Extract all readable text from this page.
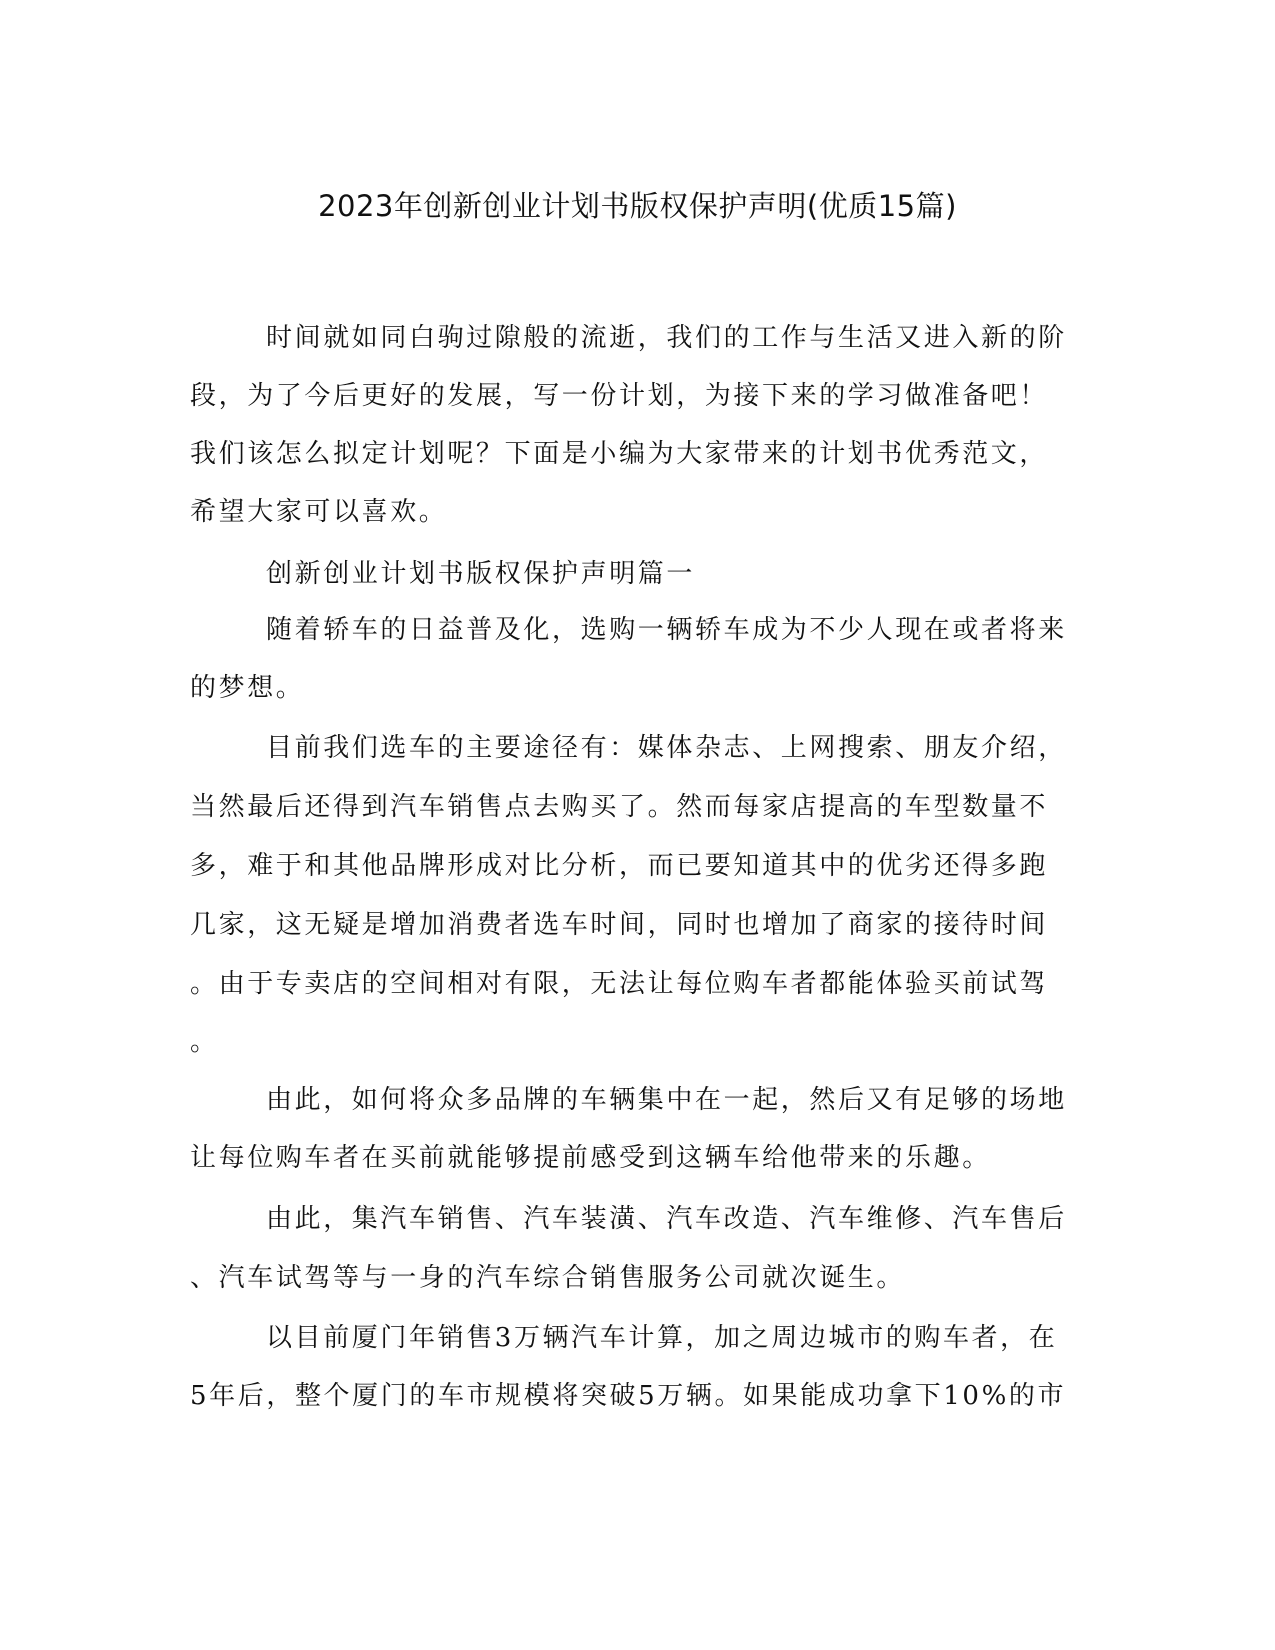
2023年创新创业计划书版权保护声明(优质15篇)
时间就如同白驹过隙般的流逝，我们的工作与生活又进入新的阶
段，为了今后更好的发展，写一份计划，为接下来的学习做准备吧！
我们该怎么拟定计划呢？下面是小编为大家带来的计划书优秀范文，
希望大家可以喜欢。
创新创业计划书版权保护声明篇一
随着轿车的日益普及化，选购一辆轿车成为不少人现在或者将来
的梦想。
目前我们选车的主要途径有：媒体杂志、上网搜索、朋友介绍，
当然最后还得到汽车销售点去购买了。然而每家店提高的车型数量不
多，难于和其他品牌形成对比分析，而已要知道其中的优劣还得多跑
几家，这无疑是增加消费者选车时间，同时也增加了商家的接待时间
。由于专卖店的空间相对有限，无法让每位购车者都能体验买前试驾
。
由此，如何将众多品牌的车辆集中在一起，然后又有足够的场地
让每位购车者在买前就能够提前感受到这辆车给他带来的乐趣。
由此，集汽车销售、汽车装潢、汽车改造、汽车维修、汽车售后
、汽车试驾等与一身的汽车综合销售服务公司就次诞生。
以目前厦门年销售3万辆汽车计算，加之周边城市的购车者，在
5年后，整个厦门的车市规模将突破5万辆。如果能成功拿下10%的市
